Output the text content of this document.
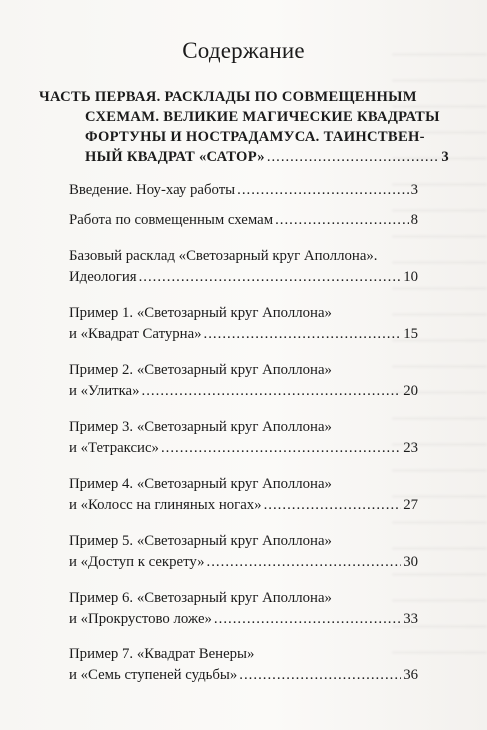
Содержание
ЧАСТЬ ПЕРВАЯ. РАСКЛАДЫ ПО СОВМЕЩЕННЫМ
СХЕМАМ. ВЕЛИКИЕ МАГИЧЕСКИЕ КВАДРАТЫ
ФОРТУНЫ И НОСТРАДАМУСА. ТАИНСТВЕН-
НЫЙ КВАДРАТ «САТОР» .....	3
Введение. Ноу-хау работы .....	3
Работа по совмещенным схемам .....	8
Базовый расклад «Светозарный круг Аполлона».
Идеология .....	10
Пример 1. «Светозарный круг Аполлона»
и «Квадрат Сатурна» .....	15
Пример 2. «Светозарный круг Аполлона»
и «Улитка» .....	20
Пример 3. «Светозарный круг Аполлона»
и «Тетраксис» .....	23
Пример 4. «Светозарный круг Аполлона»
и «Колосс на глиняных ногах» .....	27
Пример 5. «Светозарный круг Аполлона»
и «Доступ к секрету» .....	30
Пример 6. «Светозарный круг Аполлона»
и «Прокрустово ложе» .....	33
Пример 7. «Квадрат Венеры»
и «Семь ступеней судьбы» .....	36
